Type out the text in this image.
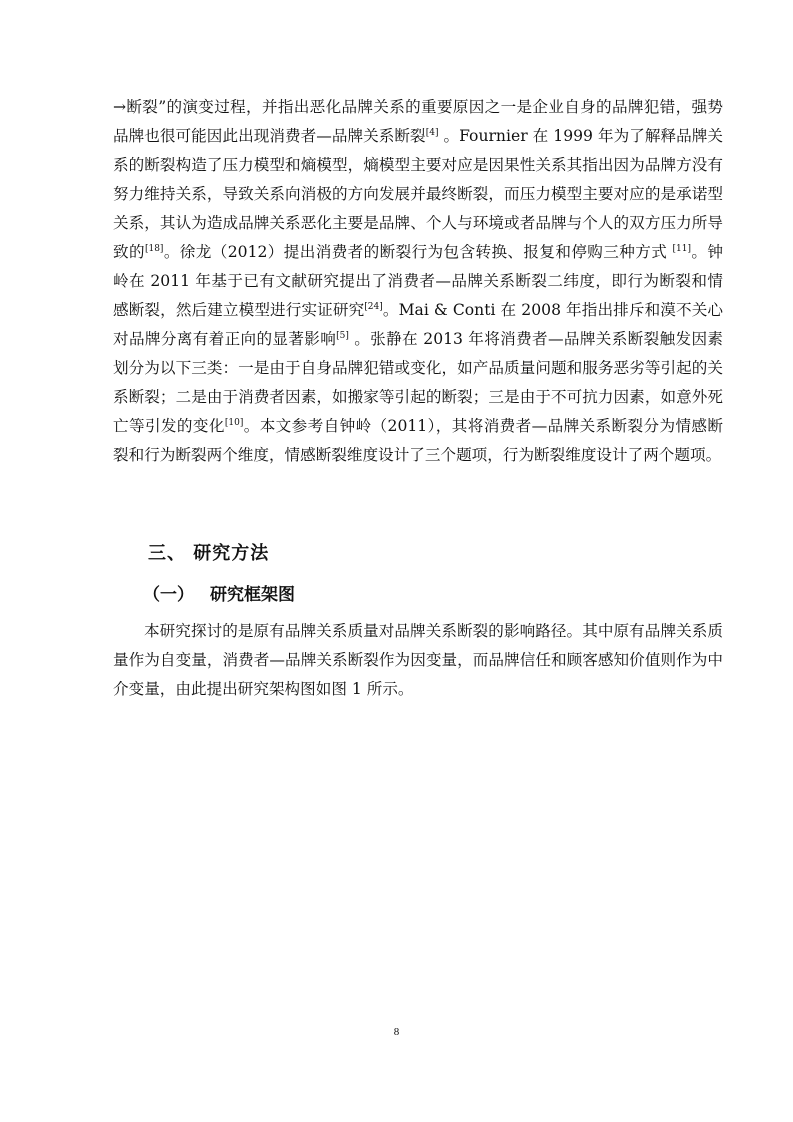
→断裂”的演变过程，并指出恶化品牌关系的重要原因之一是企业自身的品牌犯错，强势品牌也很可能因此出现消费者—品牌关系断裂[4] 。Fournier 在 1999 年为了解释品牌关系的断裂构造了压力模型和熵模型，熵模型主要对应是因果性关系其指出因为品牌方没有努力维持关系，导致关系向消极的方向发展并最终断裂，而压力模型主要对应的是承诺型关系，其认为造成品牌关系恶化主要是品牌、个人与环境或者品牌与个人的双方压力所导致的[18]。徐龙（2012）提出消费者的断裂行为包含转换、报复和停购三种方式 [11]。钟岭在 2011 年基于已有文献研究提出了消费者—品牌关系断裂二纬度，即行为断裂和情感断裂，然后建立模型进行实证研究[24]。Mai & Conti 在 2008 年指出排斥和漠不关心对品牌分离有着正向的显著影响[5] 。张静在 2013 年将消费者—品牌关系断裂触发因素划分为以下三类：一是由于自身品牌犯错或变化，如产品质量问题和服务恶劣等引起的关系断裂；二是由于消费者因素，如搬家等引起的断裂；三是由于不可抗力因素，如意外死亡等引发的变化[10]。本文参考自钟岭（2011），其将消费者—品牌关系断裂分为情感断裂和行为断裂两个维度，情感断裂维度设计了三个题项，行为断裂维度设计了两个题项。

三、 研究方法
（一） 研究框架图

本研究探讨的是原有品牌关系质量对品牌关系断裂的影响路径。其中原有品牌关系质量作为自变量，消费者—品牌关系断裂作为因变量，而品牌信任和顾客感知价值则作为中介变量，由此提出研究架构图如图 1 所示。

8
